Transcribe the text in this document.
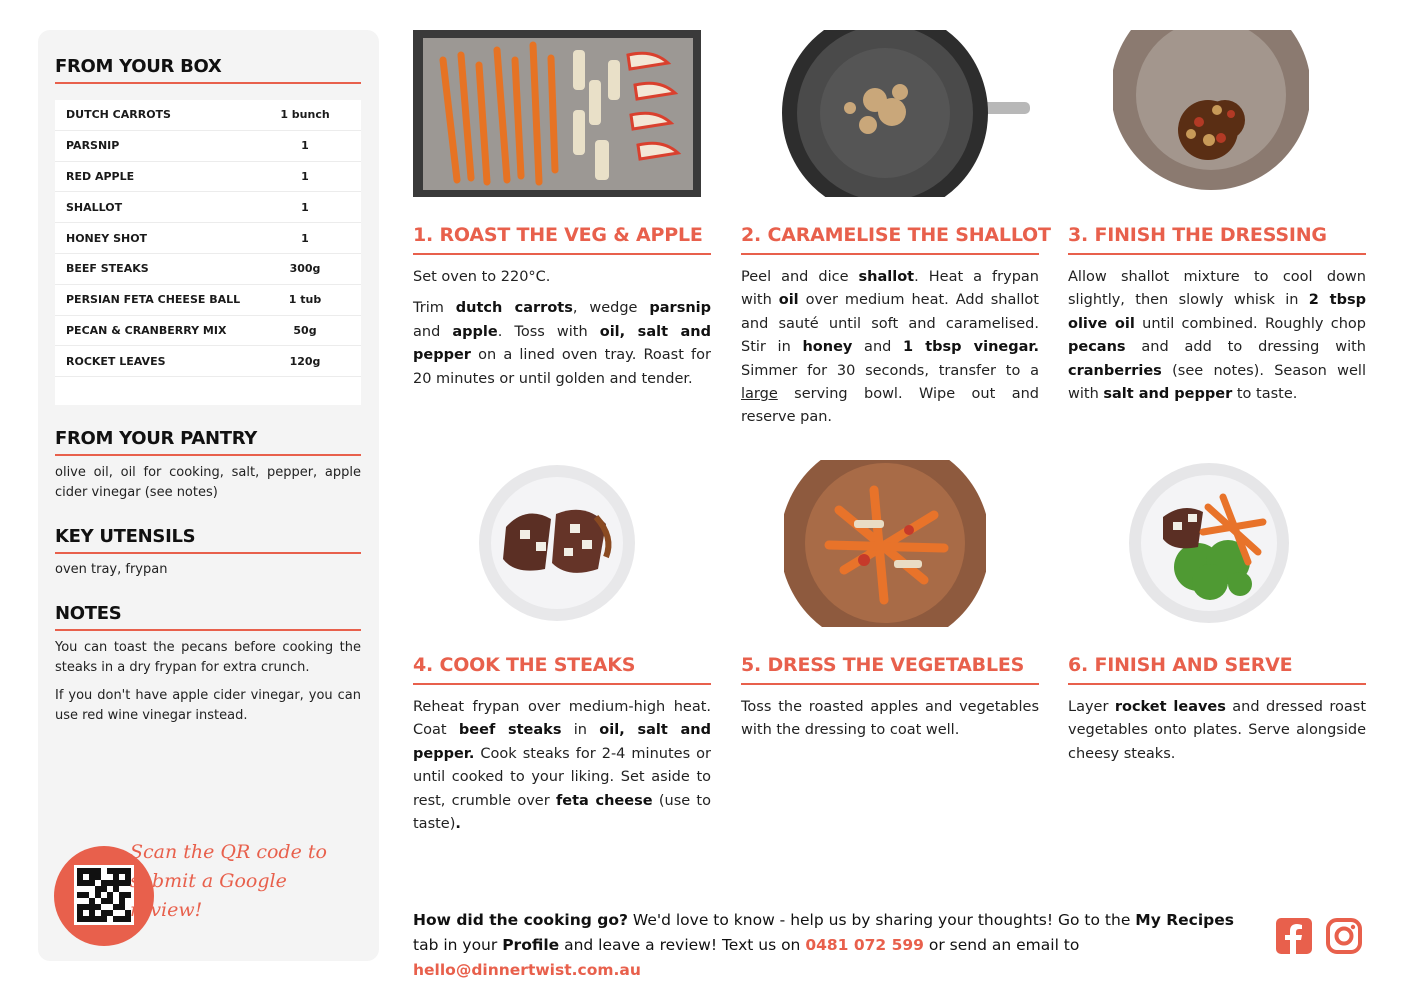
FROM YOUR BOX
DUTCH CARROTS	1 bunch
PARSNIP	1
RED APPLE	1
SHALLOT	1
HONEY SHOT	1
BEEF STEAKS	300g
PERSIAN FETA CHEESE BALL	1 tub
PECAN & CRANBERRY MIX	50g
ROCKET LEAVES	120g
FROM YOUR PANTRY
olive oil, oil for cooking, salt, pepper, apple cider vinegar (see notes)
KEY UTENSILS
oven tray, frypan
NOTES
You can toast the pecans before cooking the steaks in a dry frypan for extra crunch.
If you don't have apple cider vinegar, you can use red wine vinegar instead.
Scan the QR code to
submit a Google review!
1. ROAST THE VEG & APPLE

Set oven to 220°C.

Trim dutch carrots, wedge parsnip and apple. Toss with oil, salt and pepper on a lined oven tray. Roast for 20 minutes or until golden and tender.

2. CARAMELISE THE SHALLOT

Peel and dice shallot. Heat a frypan with oil over medium heat. Add shallot and sauté until soft and caramelised. Stir in honey and 1 tbsp vinegar. Simmer for 30 seconds, transfer to a large serving bowl. Wipe out and reserve pan.

3. FINISH THE DRESSING

Allow shallot mixture to cool down slightly, then slowly whisk in 2 tbsp olive oil until combined. Roughly chop pecans and add to dressing with cranberries (see notes). Season well with salt and pepper to taste.

4. COOK THE STEAKS

Reheat frypan over medium-high heat. Coat beef steaks in oil, salt and pepper. Cook steaks for 2-4 minutes or until cooked to your liking. Set aside to rest, crumble over feta cheese (use to taste).

5. DRESS THE VEGETABLES

Toss the roasted apples and vegetables with the dressing to coat well.

6. FINISH AND SERVE

Layer rocket leaves and dressed roast vegetables onto plates. Serve alongside cheesy steaks.

How did the cooking go? We'd love to know - help us by sharing your thoughts! Go to the My Recipes tab in your Profile and leave a review! Text us on 0481 072 599 or send an email to hello@dinnertwist.com.au
